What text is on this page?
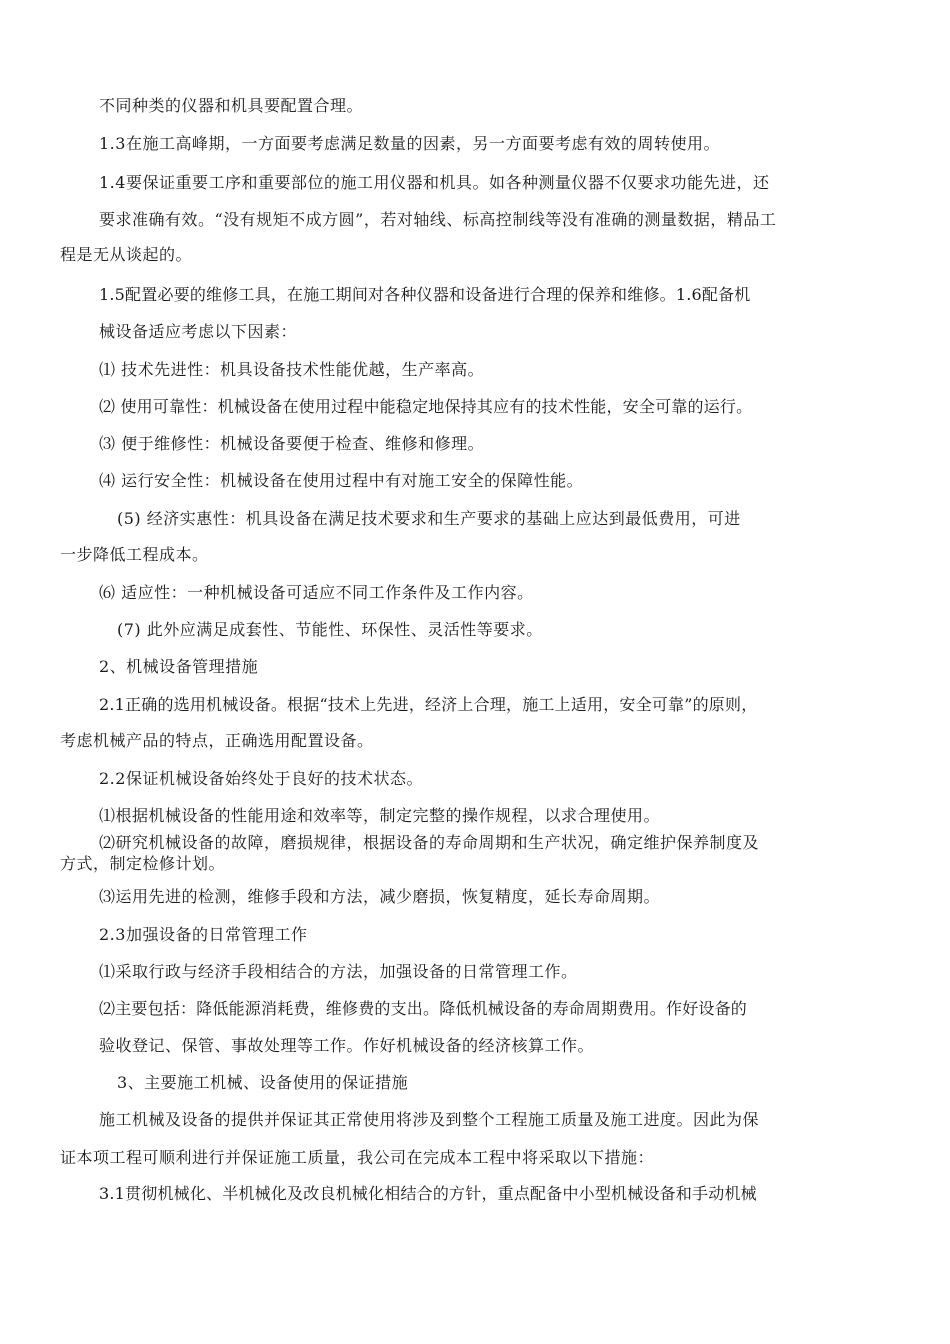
不同种类的仪器和机具要配置合理。
1.3在施工高峰期，一方面要考虑满足数量的因素，另一方面要考虑有效的周转使用。
1.4要保证重要工序和重要部位的施工用仪器和机具。如各种测量仪器不仅要求功能先进，还
要求准确有效。“没有规矩不成方圆”，若对轴线、标高控制线等没有准确的测量数据，精品工
程是无从谈起的。
1.5配置必要的维修工具，在施工期间对各种仪器和设备进行合理的保养和维修。1.6配备机
械设备适应考虑以下因素：
⑴ 技术先进性：机具设备技术性能优越，生产率高。
⑵ 使用可靠性：机械设备在使用过程中能稳定地保持其应有的技术性能，安全可靠的运行。
⑶ 便于维修性：机械设备要便于检查、维修和修理。
⑷ 运行安全性：机械设备在使用过程中有对施工安全的保障性能。
(5) 经济实惠性：机具设备在满足技术要求和生产要求的基础上应达到最低费用，可进
一步降低工程成本。
⑹ 适应性：一种机械设备可适应不同工作条件及工作内容。
(7) 此外应满足成套性、节能性、环保性、灵活性等要求。
2、机械设备管理措施
2.1正确的选用机械设备。根据“技术上先进，经济上合理，施工上适用，安全可靠”的原则，
考虑机械产品的特点，正确选用配置设备。
2.2保证机械设备始终处于良好的技术状态。
⑴根据机械设备的性能用途和效率等，制定完整的操作规程，以求合理使用。
⑵研究机械设备的故障，磨损规律，根据设备的寿命周期和生产状况，确定维护保养制度及
方式，制定检修计划。
⑶运用先进的检测，维修手段和方法，减少磨损，恢复精度，延长寿命周期。
2.3加强设备的日常管理工作
⑴采取行政与经济手段相结合的方法，加强设备的日常管理工作。
⑵主要包括：降低能源消耗费，维修费的支出。降低机械设备的寿命周期费用。作好设备的
验收登记、保管、事故处理等工作。作好机械设备的经济核算工作。
3、主要施工机械、设备使用的保证措施
施工机械及设备的提供并保证其正常使用将涉及到整个工程施工质量及施工进度。因此为保
证本项工程可顺利进行并保证施工质量，我公司在完成本工程中将采取以下措施：
3.1贯彻机械化、半机械化及改良机械化相结合的方针，重点配备中小型机械设备和手动机械
